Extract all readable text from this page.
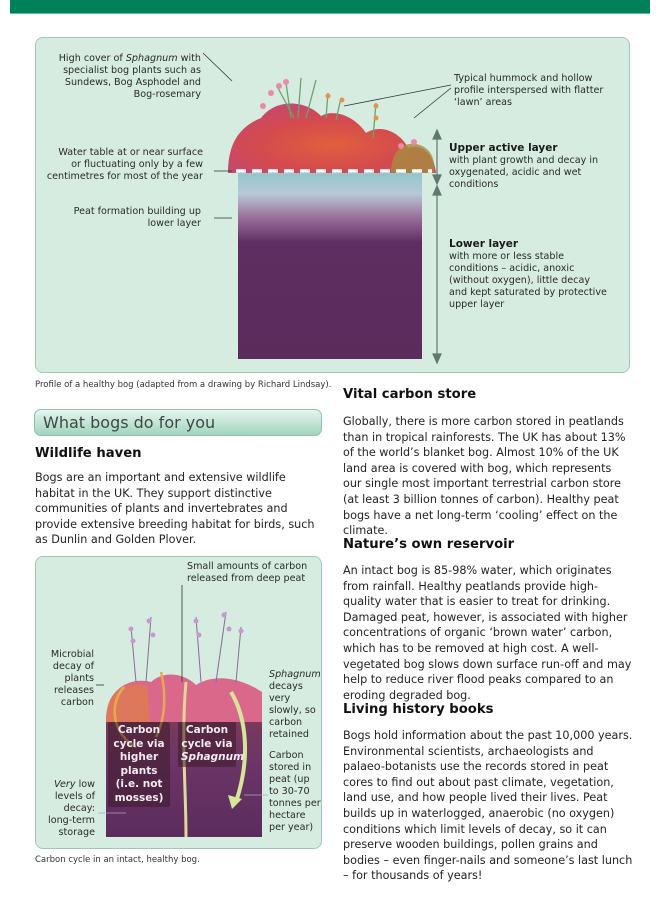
High cover of Sphagnum with specialist bog plants such as Sundews, Bog Asphodel and Bog-rosemary
Water table at or near surface or fluctuating only by a few centimetres for most of the year
Peat formation building up lower layer
Typical hummock and hollow profile interspersed with flatter ‘lawn’ areas
Upper active layer
with plant growth and decay in oxygenated, acidic and wet conditions
Lower layer
with more or less stable conditions – acidic, anoxic (without oxygen), little decay and kept saturated by protective upper layer
Profile of a healthy bog (adapted from a drawing by Richard Lindsay).
What bogs do for you
Wildlife haven
Bogs are an important and extensive wildlife habitat in the UK. They support distinctive communities of plants and invertebrates and provide extensive breeding habitat for birds, such as Dunlin and Golden Plover.
Small amounts of carbon released from deep peat
Microbial decay of plants releases carbon
Sphagnum decays very slowly, so carbon retained
Carbon stored in peat (up to 30-70 tonnes per hectare per year)
Very low levels of decay: long-term storage
Carbon cycle via higher plants (i.e. not mosses)
Carbon cycle via
Sphagnum
Carbon cycle in an intact, healthy bog.
Vital carbon store
Globally, there is more carbon stored in peatlands than in tropical rainforests. The UK has about 13% of the world’s blanket bog. Almost 10% of the UK land area is covered with bog, which represents our single most important terrestrial carbon store (at least 3 billion tonnes of carbon). Healthy peat bogs have a net long-term ‘cooling’ effect on the climate.
Nature’s own reservoir
An intact bog is 85-98% water, which originates from rainfall. Healthy peatlands provide high-quality water that is easier to treat for drinking. Damaged peat, however, is associated with higher concentrations of organic ‘brown water’ carbon, which has to be removed at high cost. A well-vegetated bog slows down surface run-off and may help to reduce river flood peaks compared to an eroding degraded bog.
Living history books
Bogs hold information about the past 10,000 years. Environmental scientists, archaeologists and palaeo-botanists use the records stored in peat cores to find out about past climate, vegetation, land use, and how people lived their lives. Peat builds up in waterlogged, anaerobic (no oxygen) conditions which limit levels of decay, so it can preserve wooden buildings, pollen grains and bodies – even finger-nails and someone’s last lunch – for thousands of years!
